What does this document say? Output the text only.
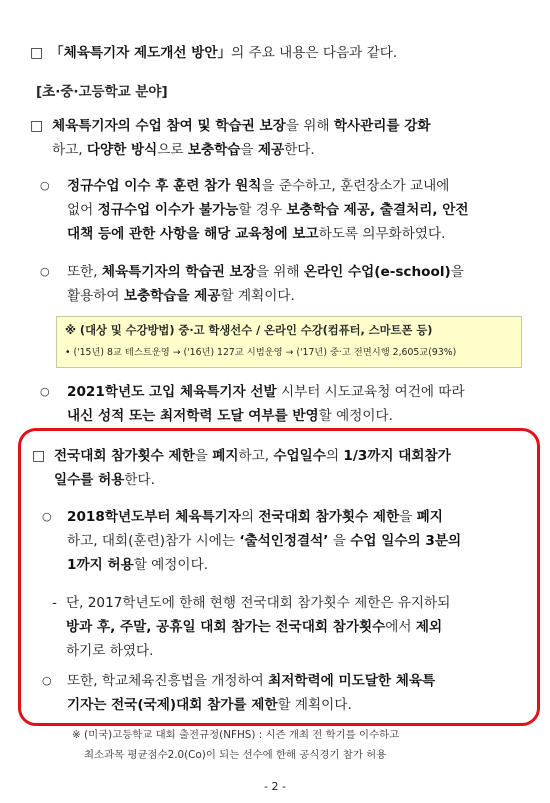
□ 「체육특기자 제도개선 방안」의 주요 내용은 다음과 같다.
[초·중·고등학교 분야]
□ 체육특기자의 수업 참여 및 학습권 보장을 위해 학사관리를 강화
하고, 다양한 방식으로 보충학습을 제공한다.
○ 정규수업 이수 후 훈련 참가 원칙을 준수하고, 훈련장소가 교내에
없어 정규수업 이수가 불가능할 경우 보충학습 제공, 출결처리, 안전
대책 등에 관한 사항을 해당 교육청에 보고하도록 의무화하였다.
○ 또한, 체육특기자의 학습권 보장을 위해 온라인 수업(e-school)을
활용하여 보충학습을 제공할 계획이다.
※ (대상 및 수강방법) 중·고 학생선수 / 온라인 수강(컴퓨터, 스마트폰 등)
• ('15년) 8교 테스트운영 → ('16년) 127교 시범운영 → ('17년) 중·고 전면시행 2,605교(93%)
○ 2021학년도 고입 체육특기자 선발 시부터 시도교육청 여건에 따라
내신 성적 또는 최저학력 도달 여부를 반영할 예정이다.
□ 전국대회 참가횟수 제한을 폐지하고, 수업일수의 1/3까지 대회참가
일수를 허용한다.
○ 2018학년도부터 체육특기자의 전국대회 참가횟수 제한을 폐지
하고, 대회(훈련)참가 시에는 ‘출석인정결석’ 을 수업 일수의 3분의
1까지 허용할 예정이다.
- 단, 2017학년도에 한해 현행 전국대회 참가횟수 제한은 유지하되
방과 후, 주말, 공휴일 대회 참가는 전국대회 참가횟수에서 제외
하기로 하였다.
○ 또한, 학교체육진흥법을 개정하여 최저학력에 미도달한 체육특
기자는 전국(국제)대회 참가를 제한할 계획이다.
※ (미국)고등학교 대회 출전규정(NFHS) : 시즌 개최 전 학기를 이수하고
최소과목 평균점수2.0(Co)이 되는 선수에 한해 공식경기 참가 허용
- 2 -
